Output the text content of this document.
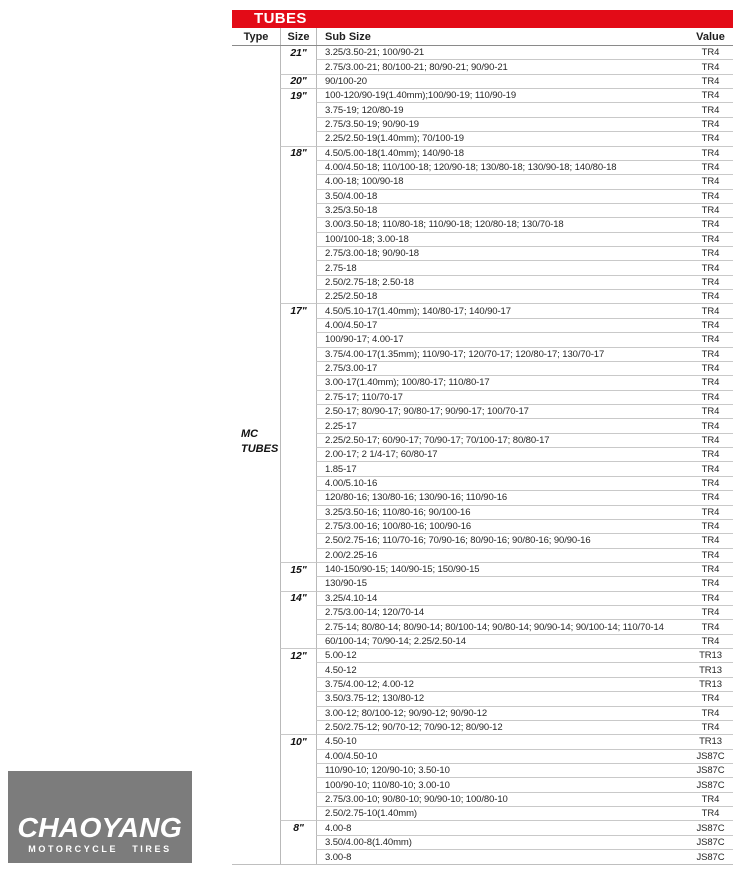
TUBES
Type	Size	Sub Size	Value
21"	3.25/3.50-21; 100/90-21	TR4
2.75/3.00-21; 80/100-21; 80/90-21; 90/90-21	TR4
20"	90/100-20	TR4
19"	100-120/90-19(1.40mm);100/90-19; 110/90-19	TR4
3.75-19; 120/80-19	TR4
2.75/3.50-19; 90/90-19	TR4
2.25/2.50-19(1.40mm); 70/100-19	TR4
18"	4.50/5.00-18(1.40mm); 140/90-18	TR4
4.00/4.50-18; 110/100-18; 120/90-18; 130/80-18; 130/90-18; 140/80-18	TR4
4.00-18; 100/90-18	TR4
3.50/4.00-18	TR4
3.25/3.50-18	TR4
3.00/3.50-18; 110/80-18; 110/90-18; 120/80-18; 130/70-18	TR4
100/100-18; 3.00-18	TR4
2.75/3.00-18; 90/90-18	TR4
2.75-18	TR4
2.50/2.75-18; 2.50-18	TR4
2.25/2.50-18	TR4
17"	4.50/5.10-17(1.40mm); 140/80-17; 140/90-17	TR4
4.00/4.50-17	TR4
100/90-17; 4.00-17	TR4
3.75/4.00-17(1.35mm); 110/90-17; 120/70-17; 120/80-17; 130/70-17	TR4
2.75/3.00-17	TR4
3.00-17(1.40mm); 100/80-17; 110/80-17	TR4
2.75-17; 110/70-17	TR4
2.50-17; 80/90-17; 90/80-17; 90/90-17; 100/70-17	TR4
2.25-17	TR4
2.25/2.50-17; 60/90-17; 70/90-17; 70/100-17; 80/80-17	TR4
2.00-17; 2 1/4-17; 60/80-17	TR4
1.85-17	TR4
4.00/5.10-16	TR4
120/80-16; 130/80-16; 130/90-16; 110/90-16	TR4
3.25/3.50-16; 110/80-16; 90/100-16	TR4
2.75/3.00-16; 100/80-16; 100/90-16	TR4
2.50/2.75-16; 110/70-16; 70/90-16; 80/90-16; 90/80-16; 90/90-16	TR4
2.00/2.25-16	TR4
15"	140-150/90-15; 140/90-15; 150/90-15	TR4
130/90-15	TR4
14"	3.25/4.10-14	TR4
2.75/3.00-14; 120/70-14	TR4
2.75-14; 80/80-14; 80/90-14; 80/100-14; 90/80-14; 90/90-14; 90/100-14; 110/70-14	TR4
60/100-14; 70/90-14; 2.25/2.50-14	TR4
12"	5.00-12	TR13
4.50-12	TR13
3.75/4.00-12; 4.00-12	TR13
3.50/3.75-12; 130/80-12	TR4
3.00-12; 80/100-12; 90/90-12; 90/90-12	TR4
2.50/2.75-12; 90/70-12; 70/90-12; 80/90-12	TR4
10"	4.50-10	TR13
4.00/4.50-10	JS87C
110/90-10; 120/90-10; 3.50-10	JS87C
100/90-10; 110/80-10; 3.00-10	JS87C
2.75/3.00-10; 90/80-10; 90/90-10; 100/80-10	TR4
2.50/2.75-10(1.40mm)	TR4
8"	4.00-8	JS87C
3.50/4.00-8(1.40mm)	JS87C
3.00-8	JS87C
MC
TUBES
CHAOYANG
MOTORCYCLE TIRES
